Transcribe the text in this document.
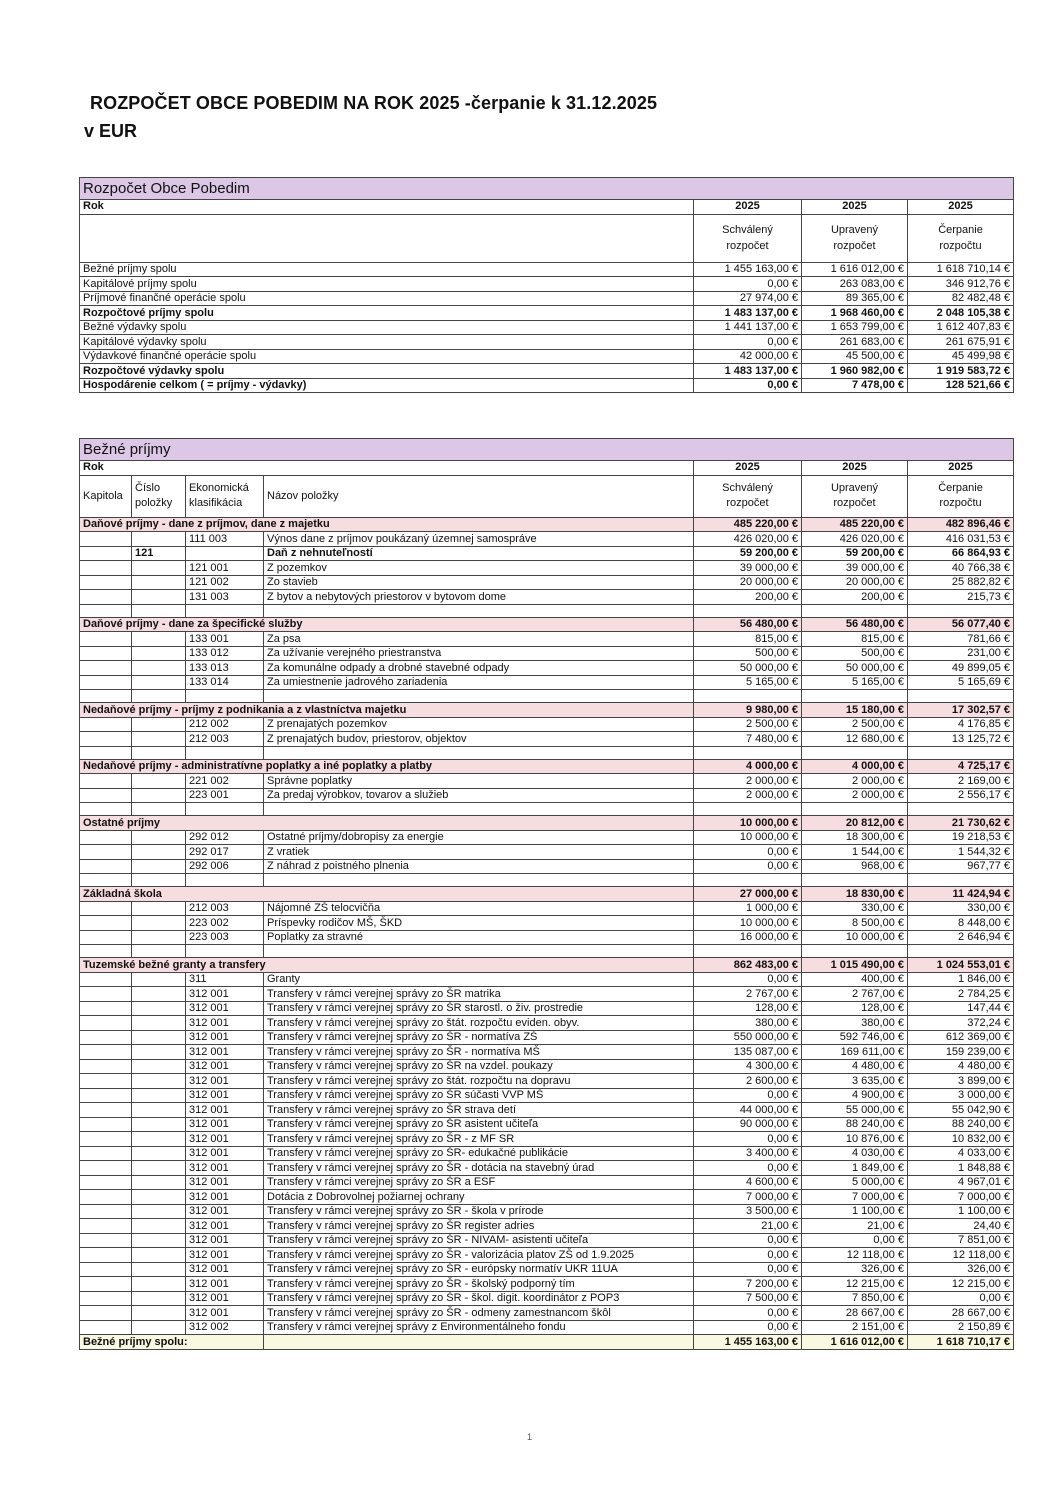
ROZPOČET OBCE POBEDIM NA ROK 2025 -čerpanie k 31.12.2025
v EUR
Rozpočet Obce Pobedim			
Rok	2025	2025	2025
	Schválený rozpočet	Upravený rozpočet	Čerpanie rozpočtu
Bežné príjmy spolu	1 455 163,00 €	1 616 012,00 €	1 618 710,14 €
Kapitálové príjmy spolu	0,00 €	263 083,00 €	346 912,76 €
Príjmové finančné operácie spolu	27 974,00 €	89 365,00 €	82 482,48 €
Rozpočtové príjmy spolu	1 483 137,00 €	1 968 460,00 €	2 048 105,38 €
Bežné výdavky spolu	1 441 137,00 €	1 653 799,00 €	1 612 407,83 €
Kapitálové výdavky spolu	0,00 €	261 683,00 €	261 675,91 €
Výdavkové finančné operácie spolu	42 000,00 €	45 500,00 €	45 499,98 €
Rozpočtové výdavky spolu	1 483 137,00 €	1 960 982,00 €	1 919 583,72 €
Hospodárenie celkom ( = príjmy - výdavky)	0,00 €	7 478,00 €	128 521,66 €
Bežné príjmy						
Rok				2025	2025	2025
Kapitola	Číslo položky	Ekonomická klasifikácia	Názov položky	Schválený rozpočet	Upravený rozpočet	Čerpanie rozpočtu
Daňové príjmy - dane z príjmov, dane z majetku				485 220,00 €	485 220,00 €	482 896,46 €
		111 003	Výnos dane z príjmov poukázaný územnej samospráve	426 020,00 €	426 020,00 €	416 031,53 €
	121		Daň z nehnuteľností	59 200,00 €	59 200,00 €	66 864,93 €
		121 001	Z pozemkov	39 000,00 €	39 000,00 €	40 766,38 €
		121 002	Zo stavieb	20 000,00 €	20 000,00 €	25 882,82 €
		131 003	Z bytov a nebytových priestorov v bytovom dome	200,00 €	200,00 €	215,73 €

Daňové príjmy - dane za špecifické služby				56 480,00 €	56 480,00 €	56 077,40 €
		133 001	Za psa	815,00 €	815,00 €	781,66 €
		133 012	Za užívanie verejného priestranstva	500,00 €	500,00 €	231,00 €
		133 013	Za komunálne odpady a drobné stavebné odpady	50 000,00 €	50 000,00 €	49 899,05 €
		133 014	Za umiestnenie jadrového zariadenia	5 165,00 €	5 165,00 €	5 165,69 €

Nedaňové príjmy - príjmy z podnikania a z vlastníctva majetku				9 980,00 €	15 180,00 €	17 302,57 €
		212 002	Z prenajatých pozemkov	2 500,00 €	2 500,00 €	4 176,85 €
		212 003	Z prenajatých budov, priestorov, objektov	7 480,00 €	12 680,00 €	13 125,72 €

Nedaňové príjmy - administratívne poplatky a iné poplatky a platby				4 000,00 €	4 000,00 €	4 725,17 €
		221 002	Správne poplatky	2 000,00 €	2 000,00 €	2 169,00 €
		223 001	Za predaj výrobkov, tovarov a služieb	2 000,00 €	2 000,00 €	2 556,17 €

Ostatné príjmy				10 000,00 €	20 812,00 €	21 730,62 €
		292 012	Ostatné príjmy/dobropisy za energie	10 000,00 €	18 300,00 €	19 218,53 €
		292 017	Z vratiek	0,00 €	1 544,00 €	1 544,32 €
		292 006	Z náhrad z poistného plnenia	0,00 €	968,00 €	967,77 €

Základná škola				27 000,00 €	18 830,00 €	11 424,94 €
		212 003	Nájomné ZŠ telocvičňa	1 000,00 €	330,00 €	330,00 €
		223 002	Príspevky rodičov MŠ, ŠKD	10 000,00 €	8 500,00 €	8 448,00 €
		223 003	Poplatky za stravné	16 000,00 €	10 000,00 €	2 646,94 €

Tuzemské bežné granty a transfery				862 483,00 €	1 015 490,00 €	1 024 553,01 €
		311	Granty	0,00 €	400,00 €	1 846,00 €
		312 001	Transfery v rámci verejnej správy zo ŠR matrika	2 767,00 €	2 767,00 €	2 784,25 €
		312 001	Transfery v rámci verejnej správy zo ŠR starostl. o živ. prostredie	128,00 €	128,00 €	147,44 €
		312 001	Transfery v rámci verejnej správy zo štát. rozpočtu eviden. obyv.	380,00 €	380,00 €	372,24 €
		312 001	Transfery v rámci verejnej správy zo ŠR - normatíva ZŠ	550 000,00 €	592 746,00 €	612 369,00 €
		312 001	Transfery v rámci verejnej správy zo ŠR - normatíva MŠ	135 087,00 €	169 611,00 €	159 239,00 €
		312 001	Transfery v rámci verejnej správy zo ŠR na vzdel. poukazy	4 300,00 €	4 480,00 €	4 480,00 €
		312 001	Transfery v rámci verejnej správy zo štát. rozpočtu na dopravu	2 600,00 €	3 635,00 €	3 899,00 €
		312 001	Transfery v rámci verejnej správy zo ŠR súčasti VVP MŠ	0,00 €	4 900,00 €	3 000,00 €
		312 001	Transfery v rámci verejnej správy zo ŠR strava detí	44 000,00 €	55 000,00 €	55 042,90 €
		312 001	Transfery v rámci verejnej správy zo ŠR asistent učiteľa	90 000,00 €	88 240,00 €	88 240,00 €
		312 001	Transfery v rámci verejnej správy zo ŠR - z MF SR	0,00 €	10 876,00 €	10 832,00 €
		312 001	Transfery v rámci verejnej správy zo ŠR- edukačné publikácie	3 400,00 €	4 030,00 €	4 033,00 €
		312 001	Transfery v rámci verejnej správy zo ŠR - dotácia na stavebný úrad	0,00 €	1 849,00 €	1 848,88 €
		312 001	Transfery v rámci verejnej správy zo ŠR a ESF	4 600,00 €	5 000,00 €	4 967,01 €
		312 001	Dotácia z Dobrovolnej požiarnej ochrany	7 000,00 €	7 000,00 €	7 000,00 €
		312 001	Transfery v rámci verejnej správy zo ŠR - škola v prírode	3 500,00 €	1 100,00 €	1 100,00 €
		312 001	Transfery v rámci verejnej správy zo ŠR register adries	21,00 €	21,00 €	24,40 €
		312 001	Transfery v rámci verejnej správy zo ŠR - NIVAM- asistenti učiteľa	0,00 €	0,00 €	7 851,00 €
		312 001	Transfery v rámci verejnej správy zo ŠR - valorizácia platov ZŠ od 1.9.2025	0,00 €	12 118,00 €	12 118,00 €
		312 001	Transfery v rámci verejnej správy zo ŠR - európsky normatív UKR 11UA	0,00 €	326,00 €	326,00 €
		312 001	Transfery v rámci verejnej správy zo ŠR - školský podporný tím	7 200,00 €	12 215,00 €	12 215,00 €
		312 001	Transfery v rámci verejnej správy zo ŠR - škol. digit. koordinátor z POP3	7 500,00 €	7 850,00 €	0,00 €
		312 001	Transfery v rámci verejnej správy zo ŠR - odmeny zamestnancom škôl	0,00 €	28 667,00 €	28 667,00 €
		312 002	Transfery v rámci verejnej správy z Environmentálneho fondu	0,00 €	2 151,00 €	2 150,89 €
Bežné príjmy spolu:				1 455 163,00 €	1 616 012,00 €	1 618 710,17 €
1
